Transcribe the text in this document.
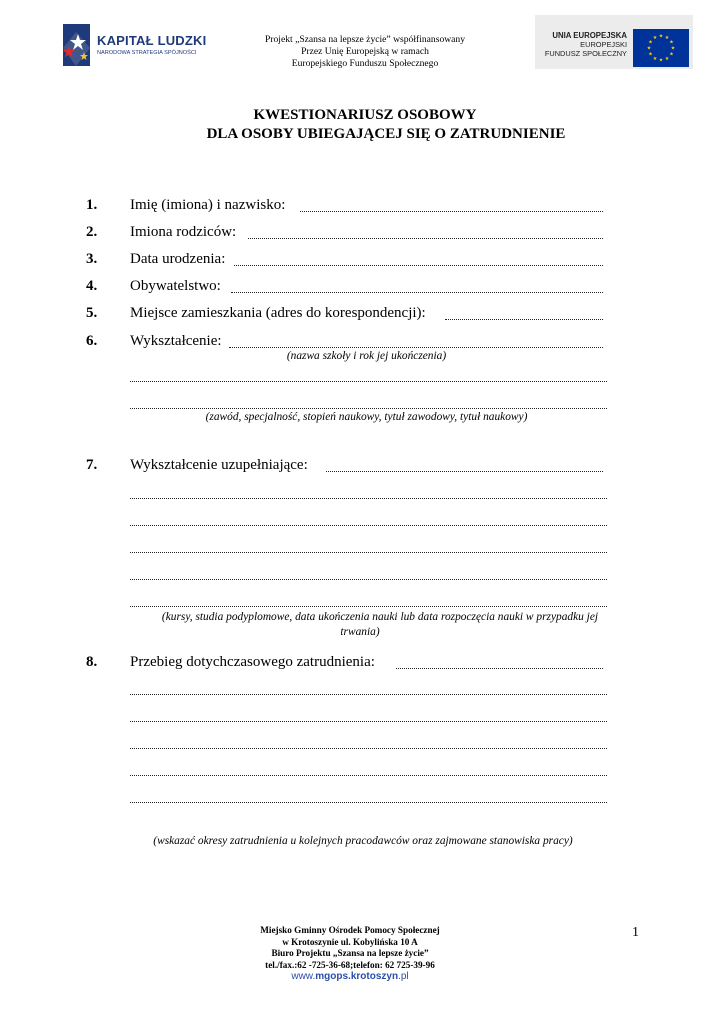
KAPITAŁ LUDZKI
NARODOWA STRATEGIA SPÓJNOŚCI
Projekt „Szansa na lepsze życie” współfinansowany
Przez Unię Europejską w ramach
Europejskiego Funduszu Społecznego
UNIA EUROPEJSKA
EUROPEJSKI
FUNDUSZ SPOŁECZNY
★ ★
★
★
★
★
★
★
★
★
★
★
KWESTIONARIUSZ OSOBOWY
DLA OSOBY UBIEGAJĄCEJ SIĘ O ZATRUDNIENIE
1. Imię (imiona) i nazwisko:
2. Imiona rodziców:
3. Data urodzenia:
4. Obywatelstwo:
5. Miejsce zamieszkania (adres do korespondencji):
6. Wykształcenie:
(nazwa szkoły i rok jej ukończenia)
(zawód, specjalność, stopień naukowy, tytuł zawodowy, tytuł naukowy)
7. Wykształcenie uzupełniające:
(kursy, studia podyplomowe, data ukończenia nauki lub data rozpoczęcia nauki w przypadku jej
trwania)
8. Przebieg dotychczasowego zatrudnienia:
(wskazać okresy zatrudnienia u kolejnych pracodawców oraz zajmowane stanowiska pracy)
Miejsko Gminny Ośrodek Pomocy Społecznej
w Krotoszynie ul. Kobylińska 10 A
Biuro Projektu „Szansa na lepsze życie”
tel./fax.:62 -725-36-68;telefon: 62 725-39-96
www.mgops.krotoszyn.pl
1
